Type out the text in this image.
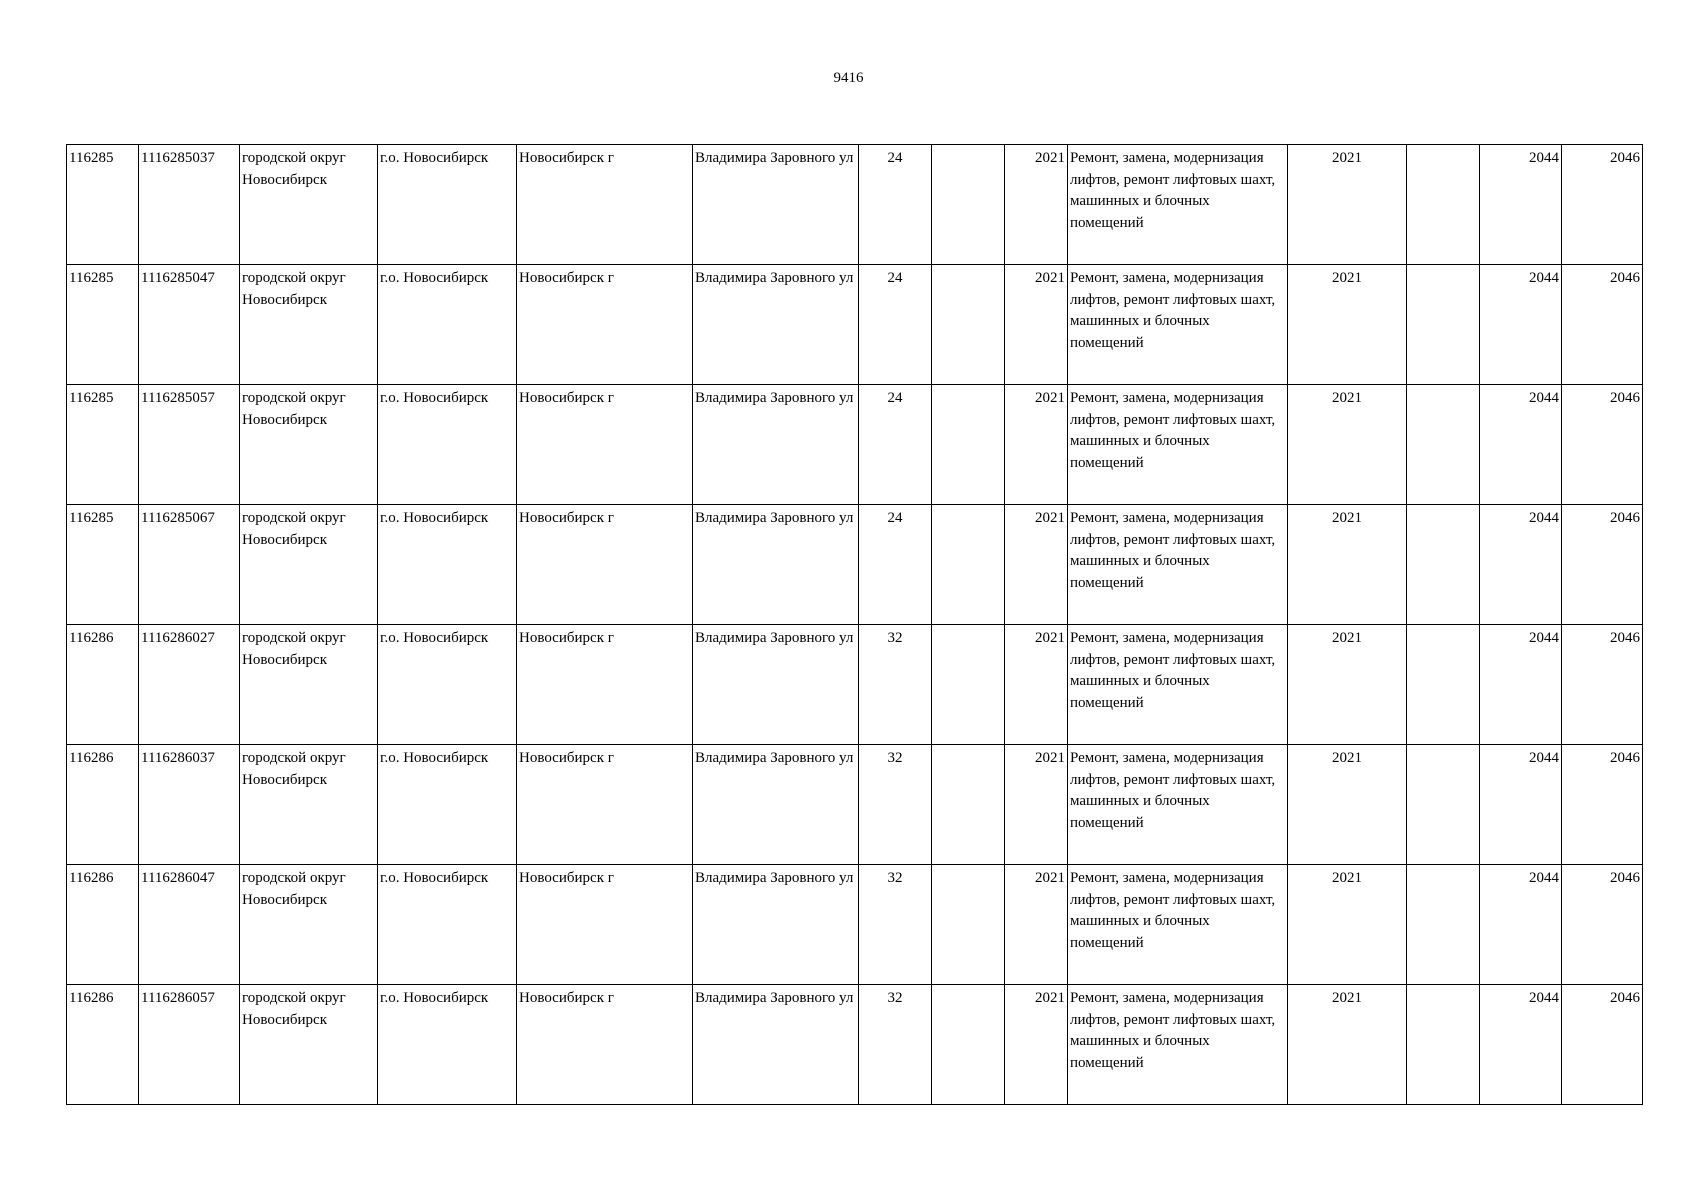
9416
116285	1116285037	городской округ Новосибирск	г.о. Новосибирск	Новосибирск г	Владимира Заровного ул	24		2021	Ремонт, замена, модернизация лифтов, ремонт лифтовых шахт, машинных и блочных помещений	2021		2044	2046
116285	1116285047	городской округ Новосибирск	г.о. Новосибирск	Новосибирск г	Владимира Заровного ул	24		2021	Ремонт, замена, модернизация лифтов, ремонт лифтовых шахт, машинных и блочных помещений	2021		2044	2046
116285	1116285057	городской округ Новосибирск	г.о. Новосибирск	Новосибирск г	Владимира Заровного ул	24		2021	Ремонт, замена, модернизация лифтов, ремонт лифтовых шахт, машинных и блочных помещений	2021		2044	2046
116285	1116285067	городской округ Новосибирск	г.о. Новосибирск	Новосибирск г	Владимира Заровного ул	24		2021	Ремонт, замена, модернизация лифтов, ремонт лифтовых шахт, машинных и блочных помещений	2021		2044	2046
116286	1116286027	городской округ Новосибирск	г.о. Новосибирск	Новосибирск г	Владимира Заровного ул	32		2021	Ремонт, замена, модернизация лифтов, ремонт лифтовых шахт, машинных и блочных помещений	2021		2044	2046
116286	1116286037	городской округ Новосибирск	г.о. Новосибирск	Новосибирск г	Владимира Заровного ул	32		2021	Ремонт, замена, модернизация лифтов, ремонт лифтовых шахт, машинных и блочных помещений	2021		2044	2046
116286	1116286047	городской округ Новосибирск	г.о. Новосибирск	Новосибирск г	Владимира Заровного ул	32		2021	Ремонт, замена, модернизация лифтов, ремонт лифтовых шахт, машинных и блочных помещений	2021		2044	2046
116286	1116286057	городской округ Новосибирск	г.о. Новосибирск	Новосибирск г	Владимира Заровного ул	32		2021	Ремонт, замена, модернизация лифтов, ремонт лифтовых шахт, машинных и блочных помещений	2021		2044	2046
